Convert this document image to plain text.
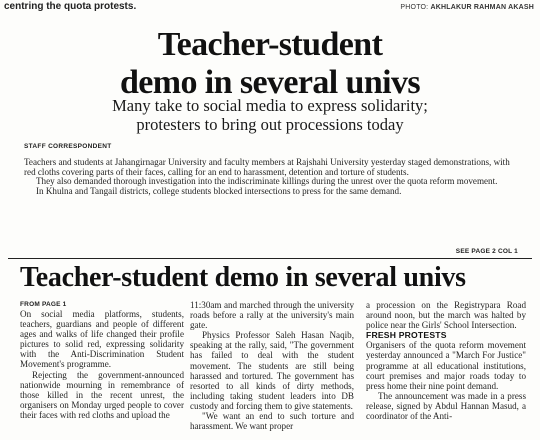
centring the quota protests.	PHOTO: AKHLAKUR RAHMAN AKASH
Teacher-student
demo in several univs
Many take to social media to express solidarity;
protesters to bring out processions today
STAFF CORRESPONDENT

Teachers and students at Jahangirnagar University and faculty members at Rajshahi University yesterday staged demonstrations, with red cloths covering parts of their faces, calling for an end to harassment, detention and torture of students.

They also demanded thorough investigation into the indiscriminate killings during the unrest over the quota reform movement.

In Khulna and Tangail districts, college students blocked intersections to press for the same demand.

SEE PAGE 2 COL 1
Teacher-student demo in several univs
FROM PAGE 1

On social media platforms, students, teachers, guardians and people of different ages and walks of life changed their profile pictures to solid red, expressing solidarity with the Anti-Discrimination Student Movement's programme.

Rejecting the government-announced nationwide mourning in remembrance of those killed in the recent unrest, the organisers on Monday urged people to cover their faces with red cloths and upload the

11:30am and marched through the university roads before a rally at the university's main gate.

Physics Professor Saleh Hasan Naqib, speaking at the rally, said, "The government has failed to deal with the student movement. The students are still being harassed and tortured. The government has resorted to all kinds of dirty methods, including taking student leaders into DB custody and forcing them to give statements.

"We want an end to such torture and harassment. We want proper

a procession on the Registrypara Road around noon, but the march was halted by police near the Girls' School Intersection.

FRESH PROTESTS

Organisers of the quota reform movement yesterday announced a "March For Justice" programme at all educational institutions, court premises and major roads today to press home their nine point demand.

The announcement was made in a press release, signed by Abdul Hannan Masud, a coordinator of the Anti-
